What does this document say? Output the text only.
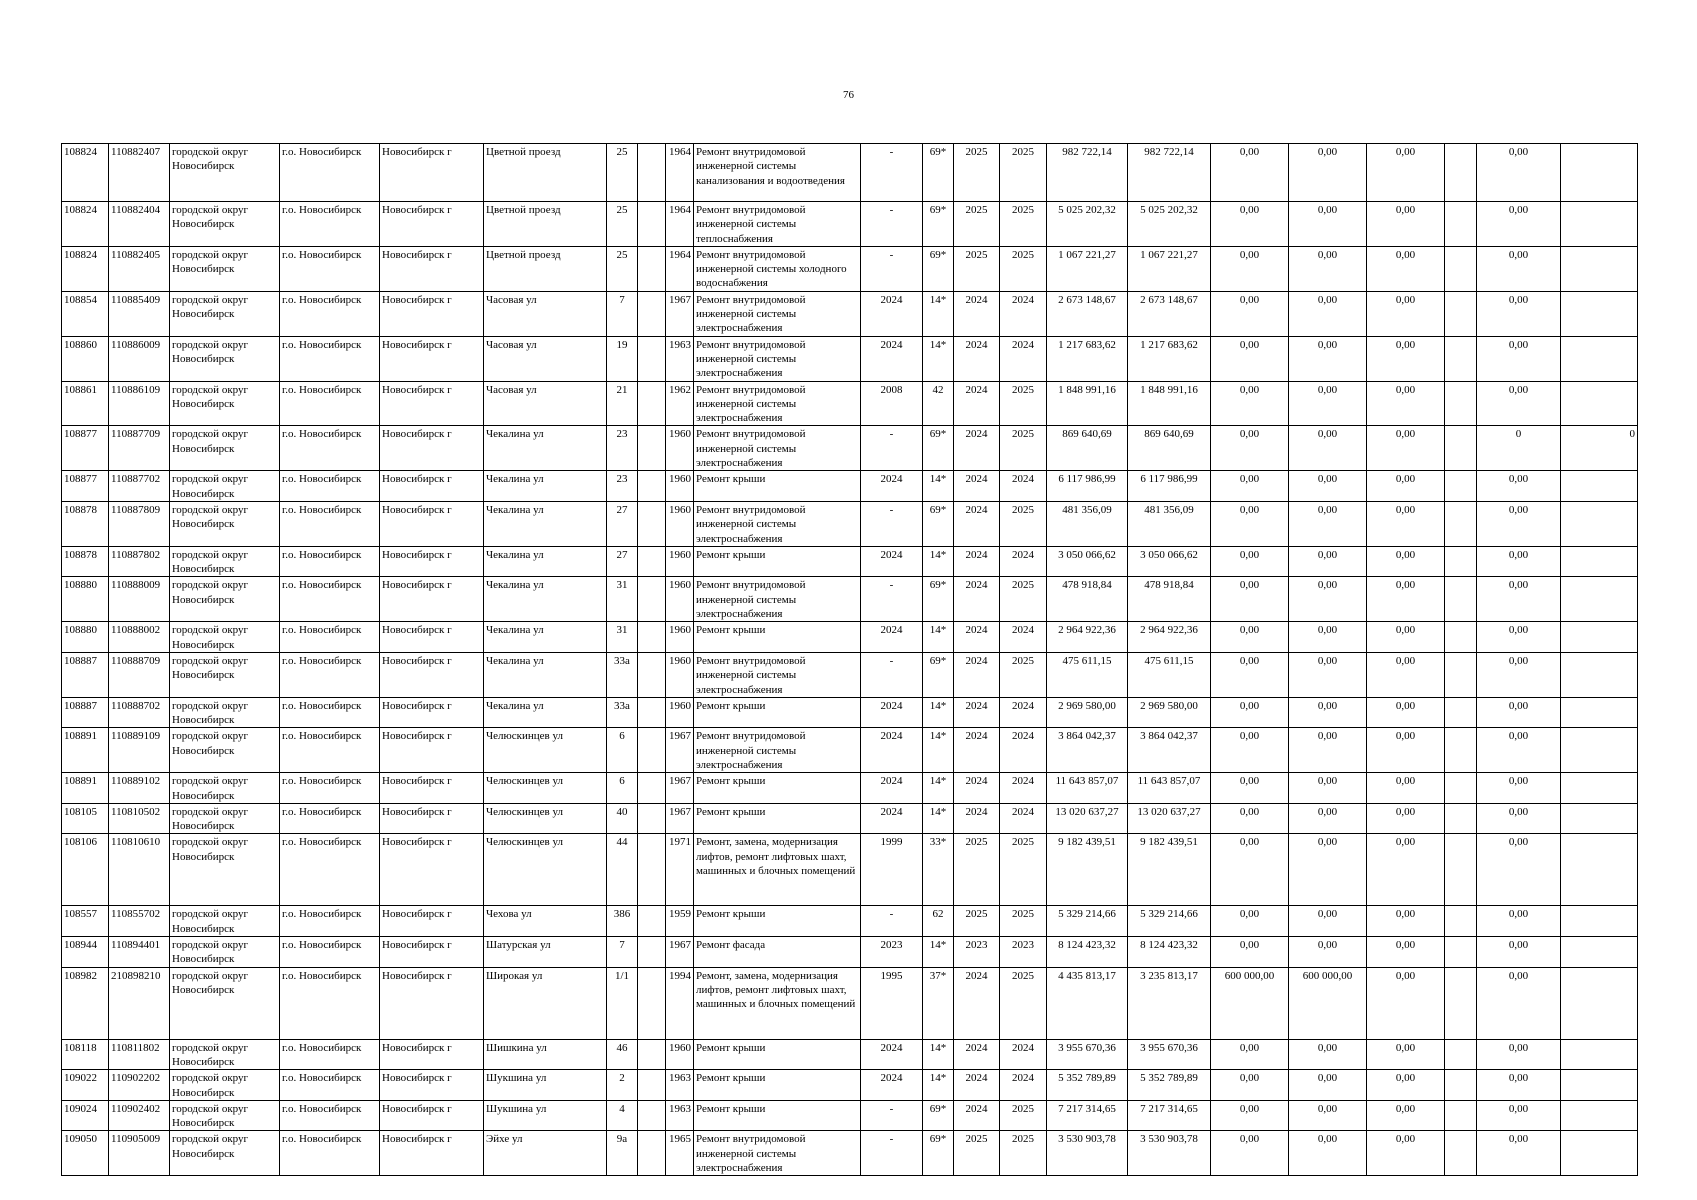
76
108824	110882407	городской округ Новосибирск	г.о. Новосибирск	Новосибирск г	Цветной проезд	25		1964	Ремонт внутридомовой инженерной системы канализования и водоотведения	-	69*	2025	2025	982 722,14	982 722,14	0,00	0,00	0,00		0,00	

108824	110882404	городской округ Новосибирск	г.о. Новосибирск	Новосибирск г	Цветной проезд	25		1964	Ремонт внутридомовой инженерной системы теплоснабжения	-	69*	2025	2025	5 025 202,32	5 025 202,32	0,00	0,00	0,00		0,00	

108824	110882405	городской округ Новосибирск	г.о. Новосибирск	Новосибирск г	Цветной проезд	25		1964	Ремонт внутридомовой инженерной системы холодного водоснабжения	-	69*	2025	2025	1 067 221,27	1 067 221,27	0,00	0,00	0,00		0,00	

108854	110885409	городской округ Новосибирск	г.о. Новосибирск	Новосибирск г	Часовая ул	7		1967	Ремонт внутридомовой инженерной системы электроснабжения	2024	14*	2024	2024	2 673 148,67	2 673 148,67	0,00	0,00	0,00		0,00	

108860	110886009	городской округ Новосибирск	г.о. Новосибирск	Новосибирск г	Часовая ул	19		1963	Ремонт внутридомовой инженерной системы электроснабжения	2024	14*	2024	2024	1 217 683,62	1 217 683,62	0,00	0,00	0,00		0,00	

108861	110886109	городской округ Новосибирск	г.о. Новосибирск	Новосибирск г	Часовая ул	21		1962	Ремонт внутридомовой инженерной системы электроснабжения	2008	42	2024	2025	1 848 991,16	1 848 991,16	0,00	0,00	0,00		0,00	

108877	110887709	городской округ Новосибирск	г.о. Новосибирск	Новосибирск г	Чекалина ул	23		1960	Ремонт внутридомовой инженерной системы электроснабжения	-	69*	2024	2025	869 640,69	869 640,69	0,00	0,00	0,00		0	0

108877	110887702	городской округ Новосибирск	г.о. Новосибирск	Новосибирск г	Чекалина ул	23		1960	Ремонт крыши	2024	14*	2024	2024	6 117 986,99	6 117 986,99	0,00	0,00	0,00		0,00	

108878	110887809	городской округ Новосибирск	г.о. Новосибирск	Новосибирск г	Чекалина ул	27		1960	Ремонт внутридомовой инженерной системы электроснабжения	-	69*	2024	2025	481 356,09	481 356,09	0,00	0,00	0,00		0,00	

108878	110887802	городской округ Новосибирск	г.о. Новосибирск	Новосибирск г	Чекалина ул	27		1960	Ремонт крыши	2024	14*	2024	2024	3 050 066,62	3 050 066,62	0,00	0,00	0,00		0,00	

108880	110888009	городской округ Новосибирск	г.о. Новосибирск	Новосибирск г	Чекалина ул	31		1960	Ремонт внутридомовой инженерной системы электроснабжения	-	69*	2024	2025	478 918,84	478 918,84	0,00	0,00	0,00		0,00	

108880	110888002	городской округ Новосибирск	г.о. Новосибирск	Новосибирск г	Чекалина ул	31		1960	Ремонт крыши	2024	14*	2024	2024	2 964 922,36	2 964 922,36	0,00	0,00	0,00		0,00	

108887	110888709	городской округ Новосибирск	г.о. Новосибирск	Новосибирск г	Чекалина ул	33а		1960	Ремонт внутридомовой инженерной системы электроснабжения	-	69*	2024	2025	475 611,15	475 611,15	0,00	0,00	0,00		0,00	

108887	110888702	городской округ Новосибирск	г.о. Новосибирск	Новосибирск г	Чекалина ул	33а		1960	Ремонт крыши	2024	14*	2024	2024	2 969 580,00	2 969 580,00	0,00	0,00	0,00		0,00	

108891	110889109	городской округ Новосибирск	г.о. Новосибирск	Новосибирск г	Челюскинцев ул	6		1967	Ремонт внутридомовой инженерной системы электроснабжения	2024	14*	2024	2024	3 864 042,37	3 864 042,37	0,00	0,00	0,00		0,00	

108891	110889102	городской округ Новосибирск	г.о. Новосибирск	Новосибирск г	Челюскинцев ул	6		1967	Ремонт крыши	2024	14*	2024	2024	11 643 857,07	11 643 857,07	0,00	0,00	0,00		0,00	

108105	110810502	городской округ Новосибирск	г.о. Новосибирск	Новосибирск г	Челюскинцев ул	40		1967	Ремонт крыши	2024	14*	2024	2024	13 020 637,27	13 020 637,27	0,00	0,00	0,00		0,00	

108106	110810610	городской округ Новосибирск	г.о. Новосибирск	Новосибирск г	Челюскинцев ул	44		1971	Ремонт, замена, модернизация лифтов, ремонт лифтовых шахт, машинных и блочных помещений	1999	33*	2025	2025	9 182 439,51	9 182 439,51	0,00	0,00	0,00		0,00	

108557	110855702	городской округ Новосибирск	г.о. Новосибирск	Новосибирск г	Чехова ул	386		1959	Ремонт крыши	-	62	2025	2025	5 329 214,66	5 329 214,66	0,00	0,00	0,00		0,00	

108944	110894401	городской округ Новосибирск	г.о. Новосибирск	Новосибирск г	Шатурская ул	7		1967	Ремонт фасада	2023	14*	2023	2023	8 124 423,32	8 124 423,32	0,00	0,00	0,00		0,00	

108982	210898210	городской округ Новосибирск	г.о. Новосибирск	Новосибирск г	Широкая ул	1/1		1994	Ремонт, замена, модернизация лифтов, ремонт лифтовых шахт, машинных и блочных помещений	1995	37*	2024	2025	4 435 813,17	3 235 813,17	600 000,00	600 000,00	0,00		0,00	

108118	110811802	городской округ Новосибирск	г.о. Новосибирск	Новосибирск г	Шишкина ул	46		1960	Ремонт крыши	2024	14*	2024	2024	3 955 670,36	3 955 670,36	0,00	0,00	0,00		0,00	

109022	110902202	городской округ Новосибирск	г.о. Новосибирск	Новосибирск г	Шукшина ул	2		1963	Ремонт крыши	2024	14*	2024	2024	5 352 789,89	5 352 789,89	0,00	0,00	0,00		0,00	

109024	110902402	городской округ Новосибирск	г.о. Новосибирск	Новосибирск г	Шукшина ул	4		1963	Ремонт крыши	-	69*	2024	2025	7 217 314,65	7 217 314,65	0,00	0,00	0,00		0,00	

109050	110905009	городской округ Новосибирск	г.о. Новосибирск	Новосибирск г	Эйхе ул	9а		1965	Ремонт внутридомовой инженерной системы электроснабжения	-	69*	2025	2025	3 530 903,78	3 530 903,78	0,00	0,00	0,00		0,00	
